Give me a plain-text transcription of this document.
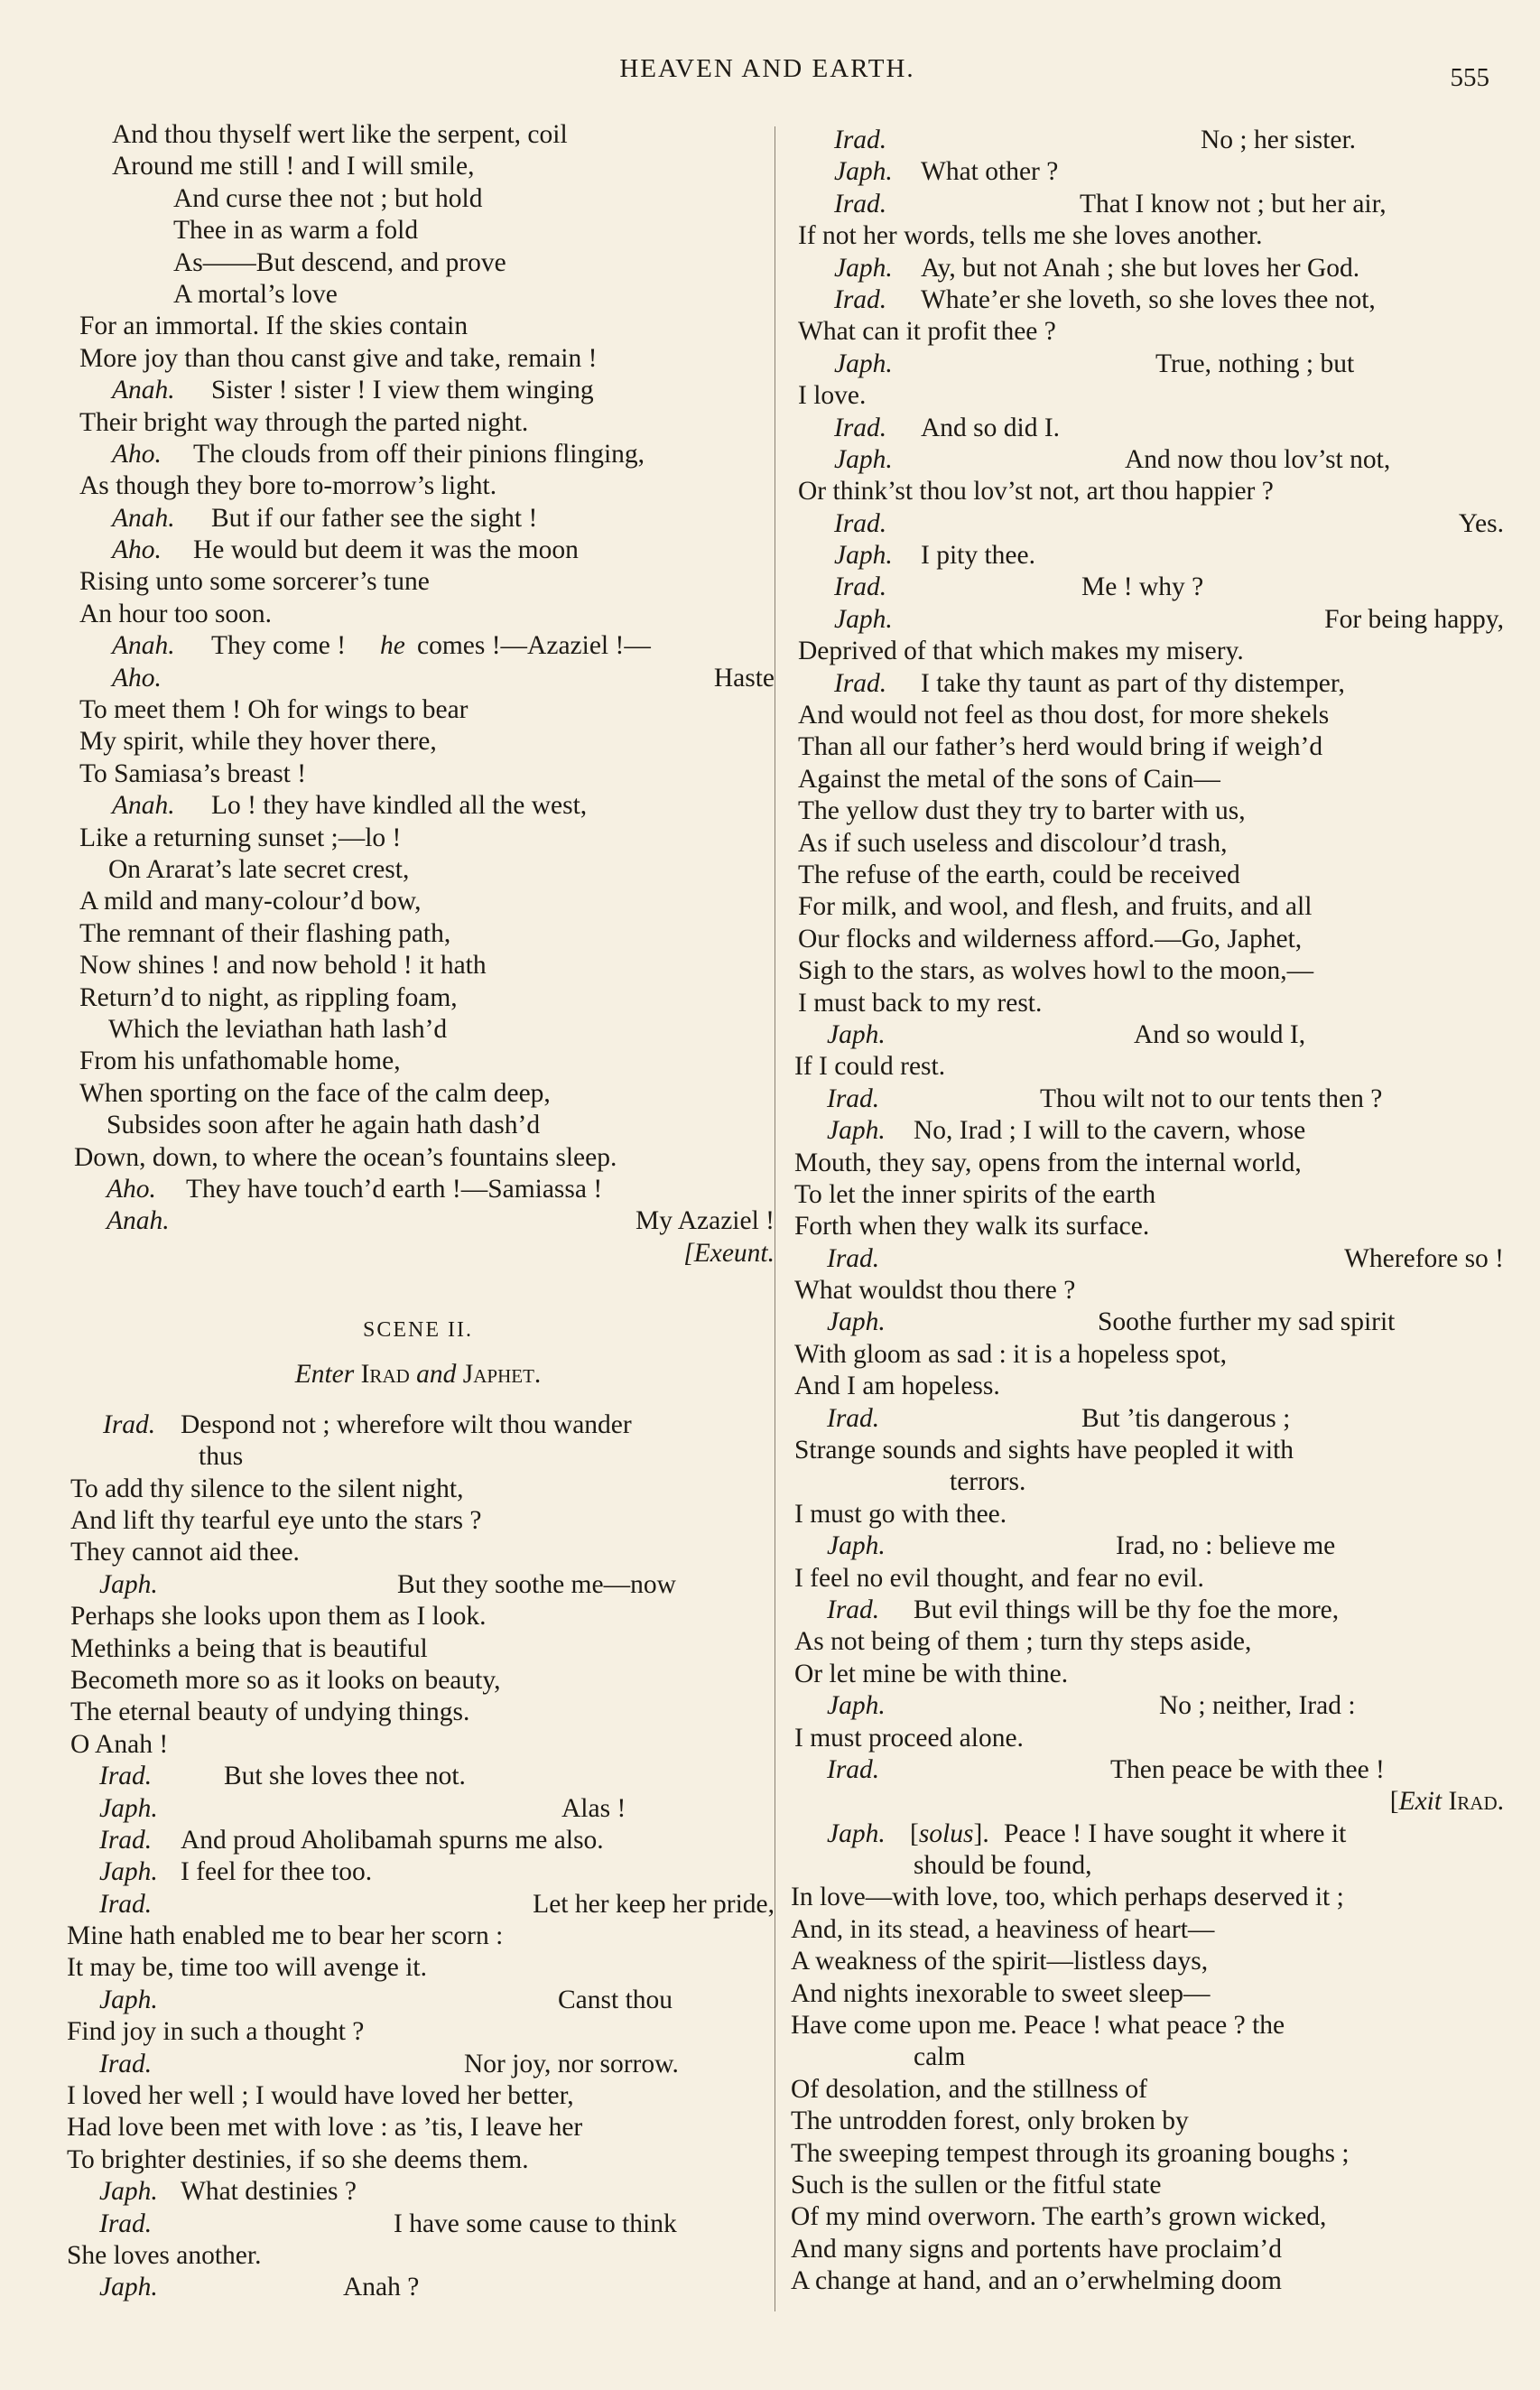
HEAVEN AND EARTH.	555
And thou thyself wert like the serpent, coil
Around me still ! and I will smile,
And curse thee not ; but hold
Thee in as warm a fold
As——But descend, and prove
A mortal’s love
For an immortal. If the skies contain
More joy than thou canst give and take, remain !
Anah. Sister ! sister ! I view them winging
Their bright way through the parted night.
Aho. The clouds from off their pinions flinging,
As though they bore to-morrow’s light.
Anah. But if our father see the sight !
Aho. He would but deem it was the moon
Rising unto some sorcerer’s tune
An hour too soon.
Anah. They come ! he comes !—Azaziel !—
Aho.	Haste
To meet them ! Oh for wings to bear
My spirit, while they hover there,
To Samiasa’s breast !
Anah. Lo ! they have kindled all the west,
Like a returning sunset ;—lo !
On Ararat’s late secret crest,
A mild and many-colour’d bow,
The remnant of their flashing path,
Now shines ! and now behold ! it hath
Return’d to night, as rippling foam,
Which the leviathan hath lash’d
From his unfathomable home,
When sporting on the face of the calm deep,
Subsides soon after he again hath dash’d
Down, down, to where the ocean’s fountains sleep.
Aho. They have touch’d earth !—Samiassa !
Anah.	My Azaziel !
[Exeunt.
SCENE II.
Enter Irad and Japhet.
Irad. Despond not ; wherefore wilt thou wander
thus
To add thy silence to the silent night,
And lift thy tearful eye unto the stars ?
They cannot aid thee.
Japh.	But they soothe me—now
Perhaps she looks upon them as I look.
Methinks a being that is beautiful
Becometh more so as it looks on beauty,
The eternal beauty of undying things.
O Anah !
Irad.	But she loves thee not.
Japh.	Alas !
Irad. And proud Aholibamah spurns me also.
Japh. I feel for thee too.
Irad.	Let her keep her pride,
Mine hath enabled me to bear her scorn :
It may be, time too will avenge it.
Japh.	Canst thou
Find joy in such a thought ?
Irad.	Nor joy, nor sorrow.
I loved her well ; I would have loved her better,
Had love been met with love : as ’tis, I leave her
To brighter destinies, if so she deems them.
Japh. What destinies ?
Irad.	I have some cause to think
She loves another.
Japh.	Anah ?
Irad.	No ; her sister.
Japh. What other ?
Irad.	That I know not ; but her air,
If not her words, tells me she loves another.
Japh. Ay, but not Anah ; she but loves her God.
Irad. Whate’er she loveth, so she loves thee not,
What can it profit thee ?
Japh.	True, nothing ; but
I love.
Irad. And so did I.
Japh.	And now thou lov’st not,
Or think’st thou lov’st not, art thou happier ?
Irad.	Yes.
Japh. I pity thee.
Irad.	Me ! why ?
Japh.	For being happy,
Deprived of that which makes my misery.
Irad. I take thy taunt as part of thy distemper,
And would not feel as thou dost, for more shekels
Than all our father’s herd would bring if weigh’d
Against the metal of the sons of Cain—
The yellow dust they try to barter with us,
As if such useless and discolour’d trash,
The refuse of the earth, could be received
For milk, and wool, and flesh, and fruits, and all
Our flocks and wilderness afford.—Go, Japhet,
Sigh to the stars, as wolves howl to the moon,—
I must back to my rest.
Japh.	And so would I,
If I could rest.
Irad.	Thou wilt not to our tents then ?
Japh. No, Irad ; I will to the cavern, whose
Mouth, they say, opens from the internal world,
To let the inner spirits of the earth
Forth when they walk its surface.
Irad.	Wherefore so !
What wouldst thou there ?
Japh.	Soothe further my sad spirit
With gloom as sad : it is a hopeless spot,
And I am hopeless.
Irad.	But ’tis dangerous ;
Strange sounds and sights have peopled it with
terrors.
I must go with thee.
Japh.	Irad, no : believe me
I feel no evil thought, and fear no evil.
Irad. But evil things will be thy foe the more,
As not being of them ; turn thy steps aside,
Or let mine be with thine.
Japh.	No ; neither, Irad :
I must proceed alone.
Irad.	Then peace be with thee !
[Exit Irad.
Japh. [solus]. Peace ! I have sought it where it
should be found,
In love—with love, too, which perhaps deserved it ;
And, in its stead, a heaviness of heart—
A weakness of the spirit—listless days,
And nights inexorable to sweet sleep—
Have come upon me. Peace ! what peace ? the
calm
Of desolation, and the stillness of
The untrodden forest, only broken by
The sweeping tempest through its groaning boughs ;
Such is the sullen or the fitful state
Of my mind overworn. The earth’s grown wicked,
And many signs and portents have proclaim’d
A change at hand, and an o’erwhelming doom
